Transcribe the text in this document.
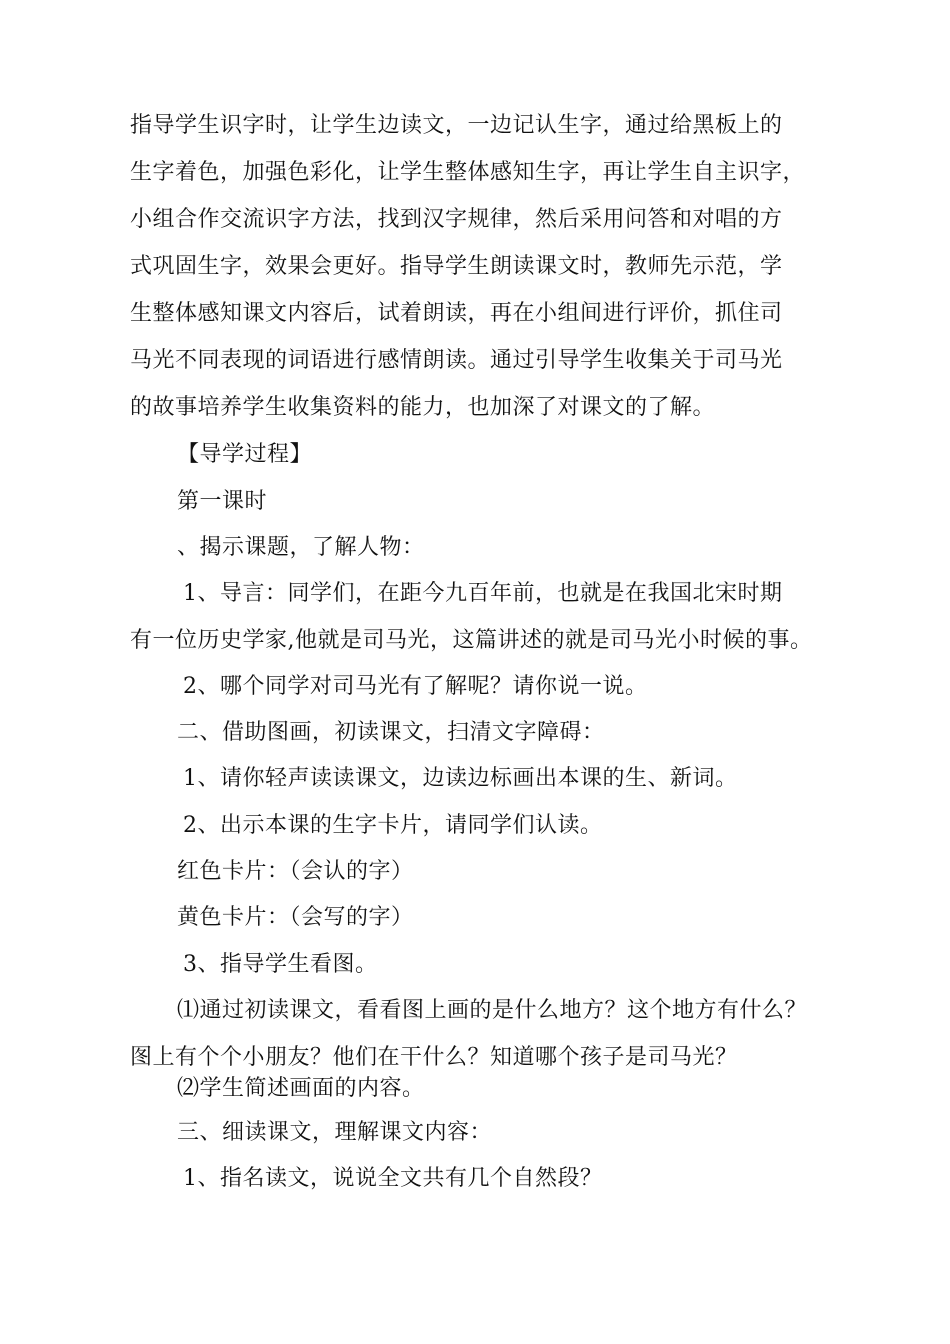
指导学生识字时，让学生边读文，一边记认生字，通过给黑板上的
生字着色，加强色彩化，让学生整体感知生字，再让学生自主识字，
小组合作交流识字方法，找到汉字规律，然后采用问答和对唱的方
式巩固生字，效果会更好。指导学生朗读课文时，教师先示范，学
生整体感知课文内容后，试着朗读，再在小组间进行评价，抓住司
马光不同表现的词语进行感情朗读。通过引导学生收集关于司马光
的故事培养学生收集资料的能力，也加深了对课文的了解。
【导学过程】
第一课时
、揭示课题，了解人物：
1、导言：同学们，在距今九百年前，也就是在我国北宋时期
有一位历史学家,他就是司马光，这篇讲述的就是司马光小时候的事。
2、哪个同学对司马光有了解呢？请你说一说。
二、借助图画，初读课文，扫清文字障碍：
1、请你轻声读读课文，边读边标画出本课的生、新词。
2、出示本课的生字卡片，请同学们认读。
红色卡片：（会认的字）
黄色卡片：（会写的字）
3、指导学生看图。
⑴通过初读课文，看看图上画的是什么地方？这个地方有什么？
图上有个个小朋友？他们在干什么？知道哪个孩子是司马光？
⑵学生简述画面的内容。
三、细读课文，理解课文内容：
1、指名读文，说说全文共有几个自然段？
